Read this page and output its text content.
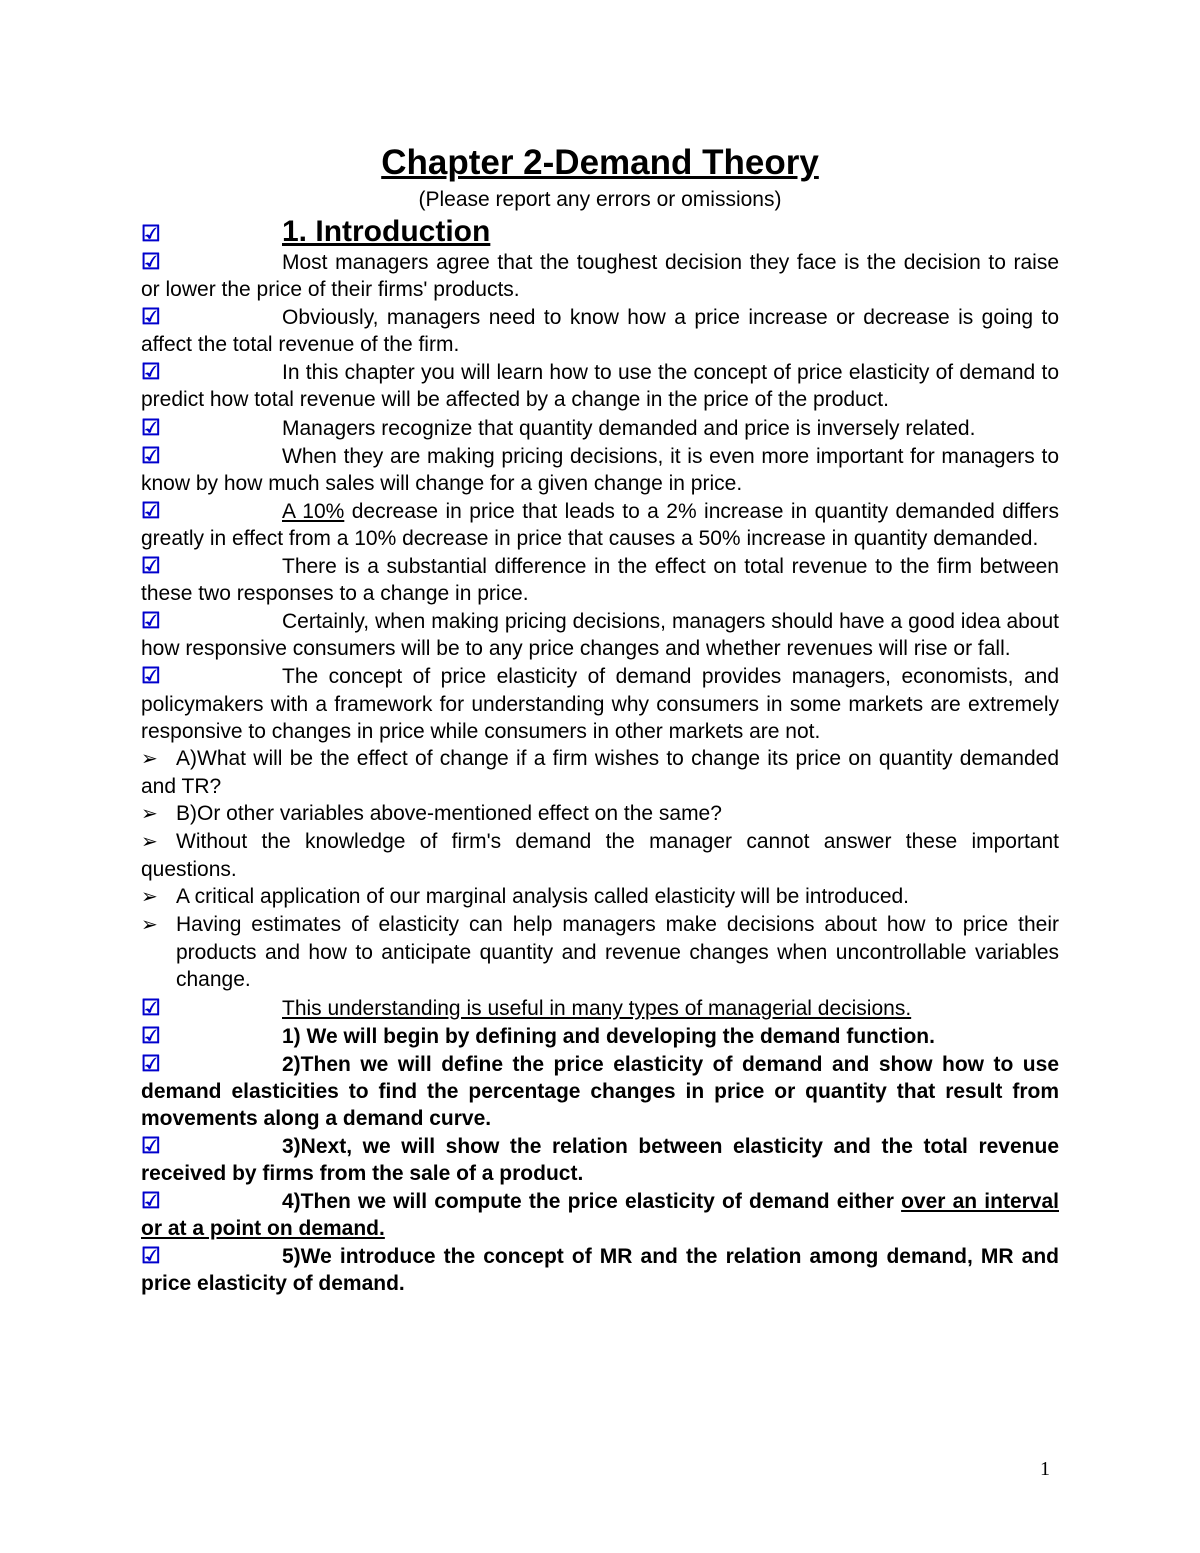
Chapter 2-Demand Theory

(Please report any errors or omissions)

☑	1. Introduction

☑	Most managers agree that the toughest decision they face is the decision to raise or lower the price of their firms' products.

☑	Obviously, managers need to know how a price increase or decrease is going to affect the total revenue of the firm.

☑	In this chapter you will learn how to use the concept of price elasticity of demand to predict how total revenue will be affected by a change in the price of the product.

☑	Managers recognize that quantity demanded and price is inversely related.

☑	When they are making pricing decisions, it is even more important for managers to know by how much sales will change for a given change in price.

☑	A 10% decrease in price that leads to a 2% increase in quantity demanded differs greatly in effect from a 10% decrease in price that causes a 50% increase in quantity demanded.

☑	There is a substantial difference in the effect on total revenue to the firm between these two responses to a change in price.

☑	Certainly, when making pricing decisions, managers should have a good idea about how responsive consumers will be to any price changes and whether revenues will rise or fall.

☑	The concept of price elasticity of demand provides managers, economists, and policymakers with a framework for understanding why consumers in some markets are extremely responsive to changes in price while consumers in other markets are not.

➢ A)What will be the effect of change if a firm wishes to change its price on quantity demanded and TR?

➢ B)Or other variables above-mentioned effect on the same?

➢ Without the knowledge of firm's demand the manager cannot answer these important questions.

➢ A critical application of our marginal analysis called elasticity will be introduced.

➢ Having estimates of elasticity can help managers make decisions about how to price their products and how to anticipate quantity and revenue changes when uncontrollable variables change.

☑	This understanding is useful in many types of managerial decisions.

☑	1) We will begin by defining and developing the demand function.

☑	2)Then we will define the price elasticity of demand and show how to use demand elasticities to find the percentage changes in price or quantity that result from movements along a demand curve.

☑	3)Next, we will show the relation between elasticity and the total revenue received by firms from the sale of a product.

☑	4)Then we will compute the price elasticity of demand either over an interval or at a point on demand.

☑	5)We introduce the concept of MR and the relation among demand, MR and price elasticity of demand.

1
